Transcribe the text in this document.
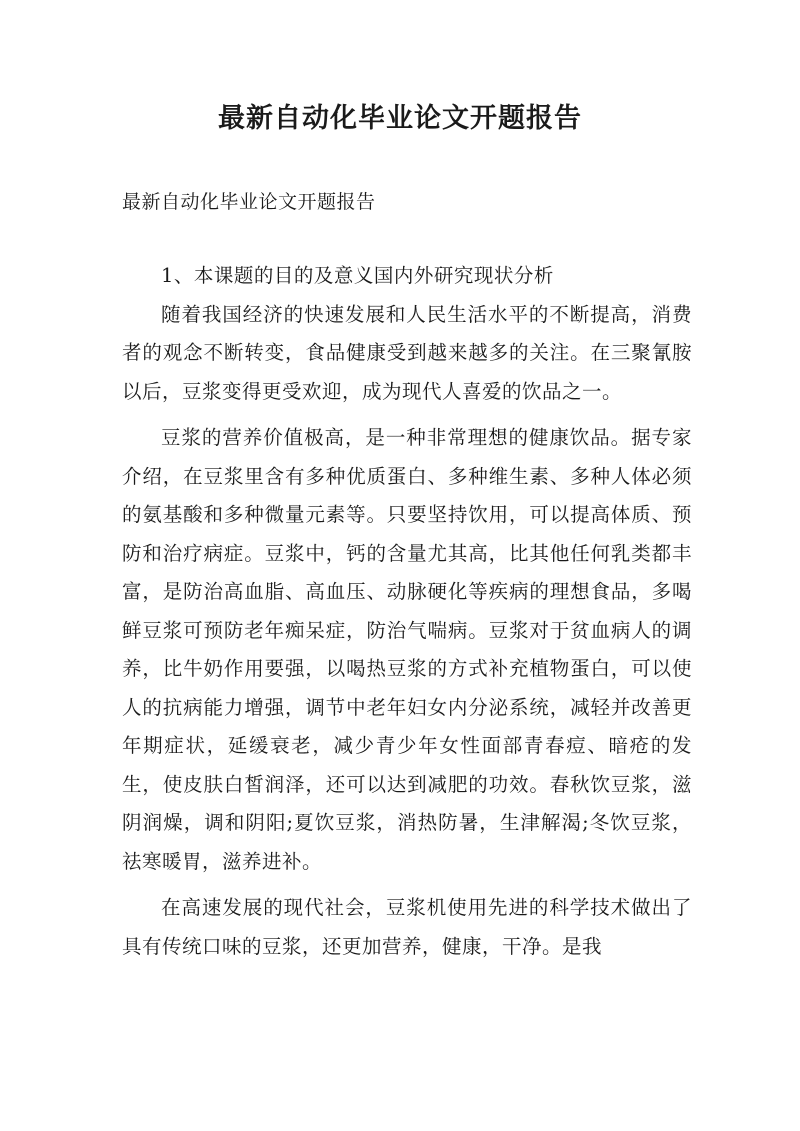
最新自动化毕业论文开题报告

最新自动化毕业论文开题报告

1、本课题的目的及意义国内外研究现状分析

随着我国经济的快速发展和人民生活水平的不断提高，消费者的观念不断转变，食品健康受到越来越多的关注。在三聚氰胺以后，豆浆变得更受欢迎，成为现代人喜爱的饮品之一。

豆浆的营养价值极高，是一种非常理想的健康饮品。据专家介绍，在豆浆里含有多种优质蛋白、多种维生素、多种人体必须的氨基酸和多种微量元素等。只要坚持饮用，可以提高体质、预防和治疗病症。豆浆中，钙的含量尤其高，比其他任何乳类都丰富，是防治高血脂、高血压、动脉硬化等疾病的理想食品，多喝鲜豆浆可预防老年痴呆症，防治气喘病。豆浆对于贫血病人的调养，比牛奶作用要强，以喝热豆浆的方式补充植物蛋白，可以使人的抗病能力增强，调节中老年妇女内分泌系统，减轻并改善更年期症状，延缓衰老，减少青少年女性面部青春痘、暗疮的发生，使皮肤白皙润泽，还可以达到减肥的功效。春秋饮豆浆，滋阴润燥，调和阴阳;夏饮豆浆，消热防暑，生津解渴;冬饮豆浆，祛寒暖胃，滋养进补。

在高速发展的现代社会，豆浆机使用先进的科学技术做出了具有传统口味的豆浆，还更加营养，健康，干净。是我
